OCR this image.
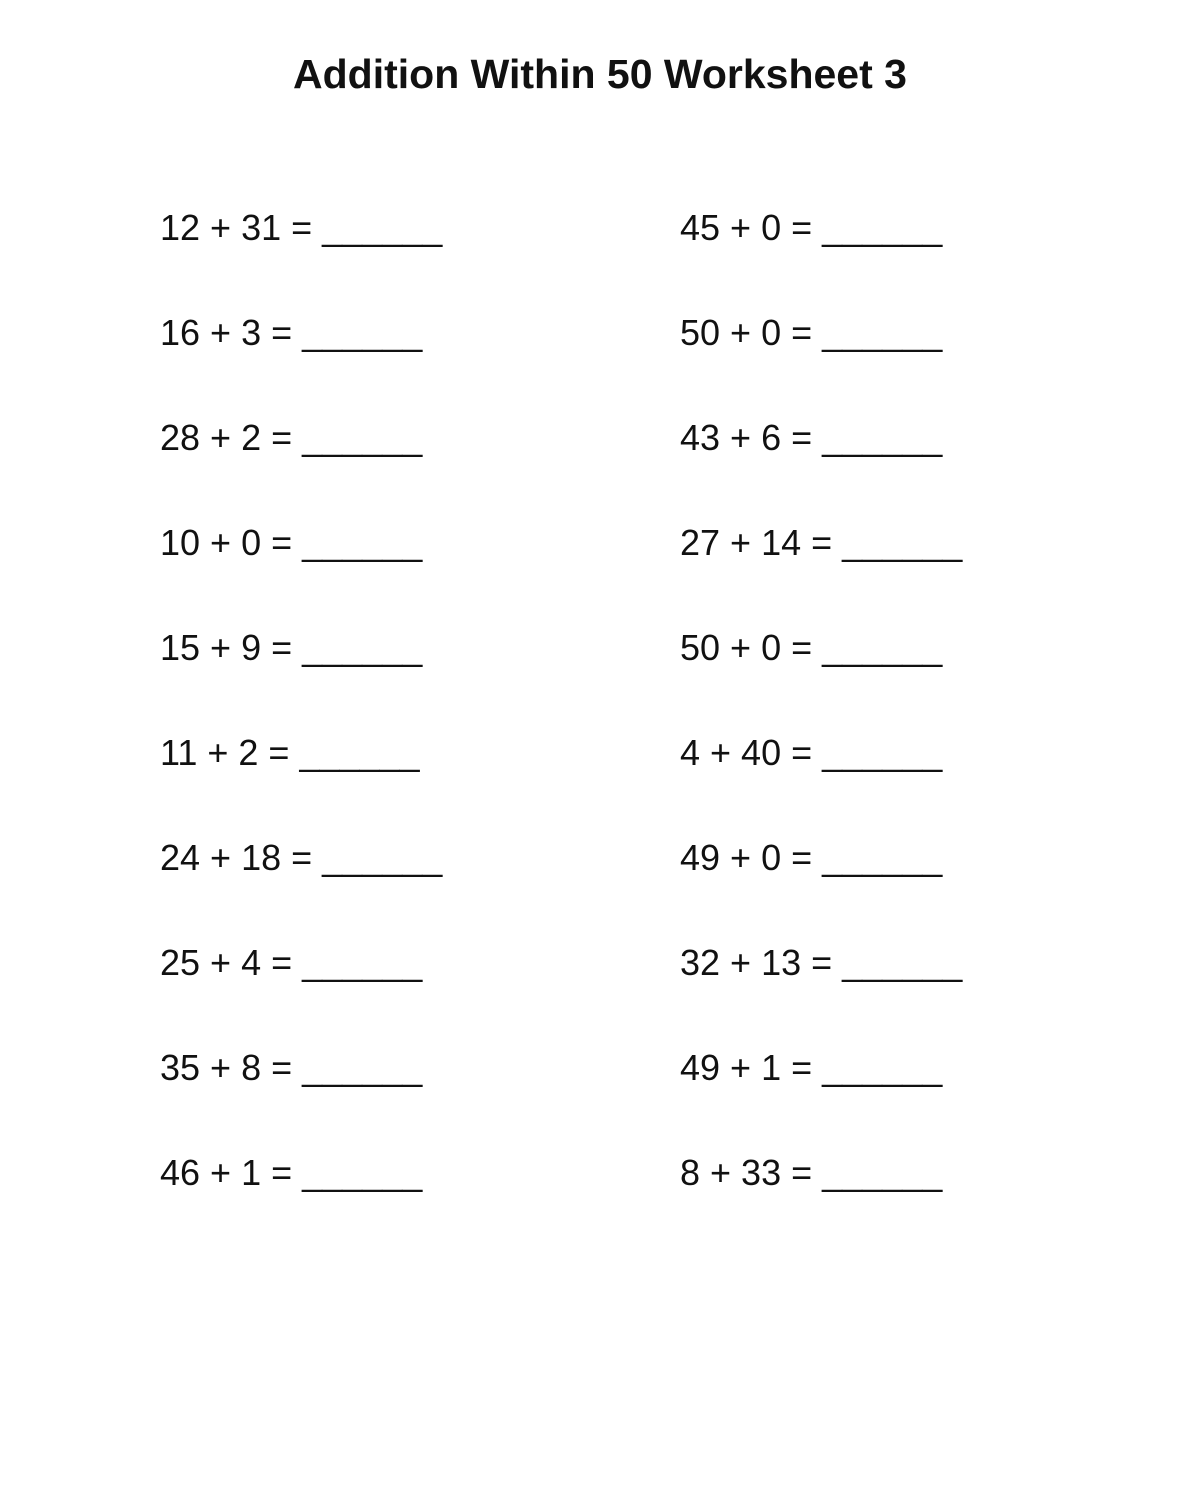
Addition Within 50 Worksheet 3
12 + 31 = ______
16 + 3 = ______
28 + 2 = ______
10 + 0 = ______
15 + 9 = ______
11 + 2 = ______
24 + 18 = ______
25 + 4 = ______
35 + 8 = ______
46 + 1 = ______
45 + 0 = ______
50 + 0 = ______
43 + 6 = ______
27 + 14 = ______
50 + 0 = ______
4 + 40 = ______
49 + 0 = ______
32 + 13 = ______
49 + 1 = ______
8 + 33 = ______
